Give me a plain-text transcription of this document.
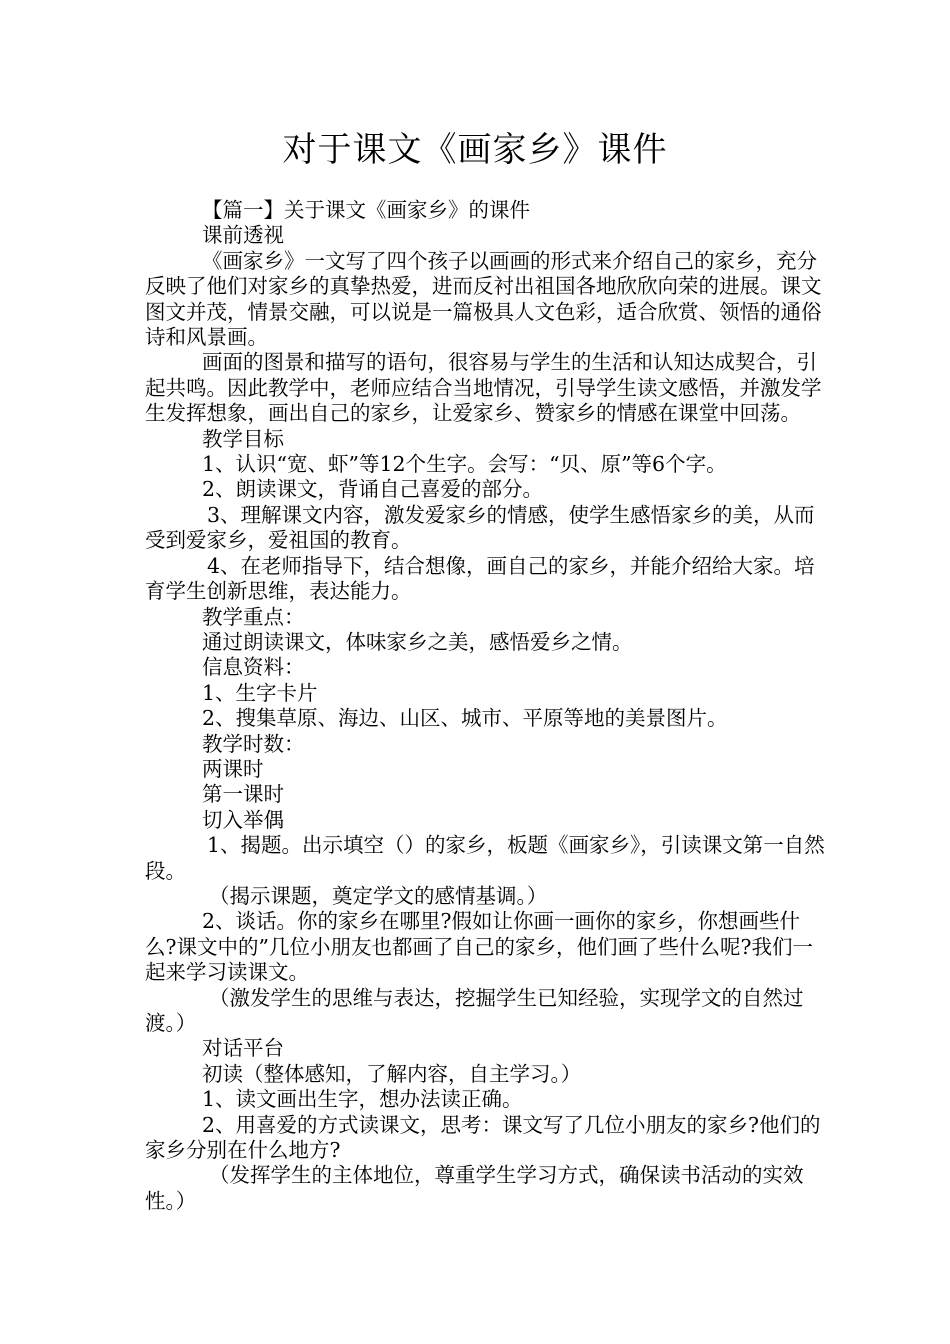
对于课文《画家乡》课件

【篇一】关于课文《画家乡》的课件

课前透视

《画家乡》一文写了四个孩子以画画的形式来介绍自己的家乡，充分反映了他们对家乡的真挚热爱，进而反衬出祖国各地欣欣向荣的进展。课文图文并茂，情景交融，可以说是一篇极具人文色彩，适合欣赏、领悟的通俗诗和风景画。

画面的图景和描写的语句，很容易与学生的生活和认知达成契合，引起共鸣。因此教学中，老师应结合当地情况，引导学生读文感悟，并激发学生发挥想象，画出自己的家乡，让爱家乡、赞家乡的情感在课堂中回荡。

教学目标

1、认识“宽、虾”等12个生字。会写：“贝、原”等6个字。

2、朗读课文，背诵自己喜爱的部分。

3、理解课文内容，激发爱家乡的情感，使学生感悟家乡的美，从而受到爱家乡，爱祖国的教育。

4、在老师指导下，结合想像，画自己的家乡，并能介绍给大家。培育学生创新思维，表达能力。

教学重点：

通过朗读课文，体味家乡之美，感悟爱乡之情。

信息资料：

1、生字卡片

2、搜集草原、海边、山区、城市、平原等地的美景图片。

教学时数：

两课时

第一课时

切入举偶

1、揭题。出示填空（）的家乡，板题《画家乡》，引读课文第一自然段。

（揭示课题，奠定学文的感情基调。）

2、谈话。你的家乡在哪里?假如让你画一画你的家乡，你想画些什么?课文中的”几位小朋友也都画了自己的家乡，他们画了些什么呢?我们一起来学习读课文。

（激发学生的思维与表达，挖掘学生已知经验，实现学文的自然过渡。）

对话平台

初读（整体感知，了解内容，自主学习。）

1、读文画出生字，想办法读正确。

2、用喜爱的方式读课文，思考：课文写了几位小朋友的家乡?他们的家乡分别在什么地方?

（发挥学生的主体地位，尊重学生学习方式，确保读书活动的实效性。）
